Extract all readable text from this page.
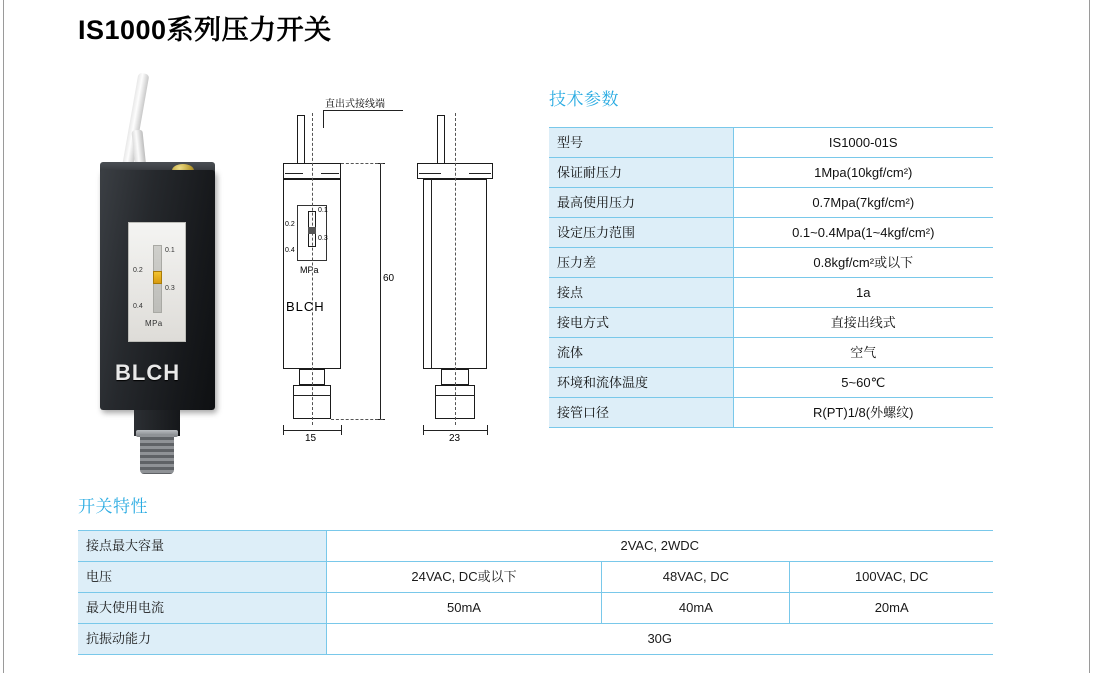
IS1000系列压力开关
0.1
0.2
0.3
0.4
MPa
BLCH
直出式接线端
0.1
0.2
0.3
0.4
MPa
BLCH
15
60
23
技术参数
型号	IS1000-01S
保证耐压力	1Mpa(10kgf/cm²)
最高使用压力	0.7Mpa(7kgf/cm²)
设定压力范围	0.1~0.4Mpa(1~4kgf/cm²)
压力差	0.8kgf/cm²或以下
接点	1a
接电方式	直接出线式
流体	空气
环境和流体温度	5~60℃
接管口径	R(PT)1/8(外螺纹)
开关特性
接点最大容量	2VAC, 2WDC		
电压	24VAC, DC或以下	48VAC, DC	100VAC, DC
最大使用电流	50mA	40mA	20mA
抗振动能力	30G		
